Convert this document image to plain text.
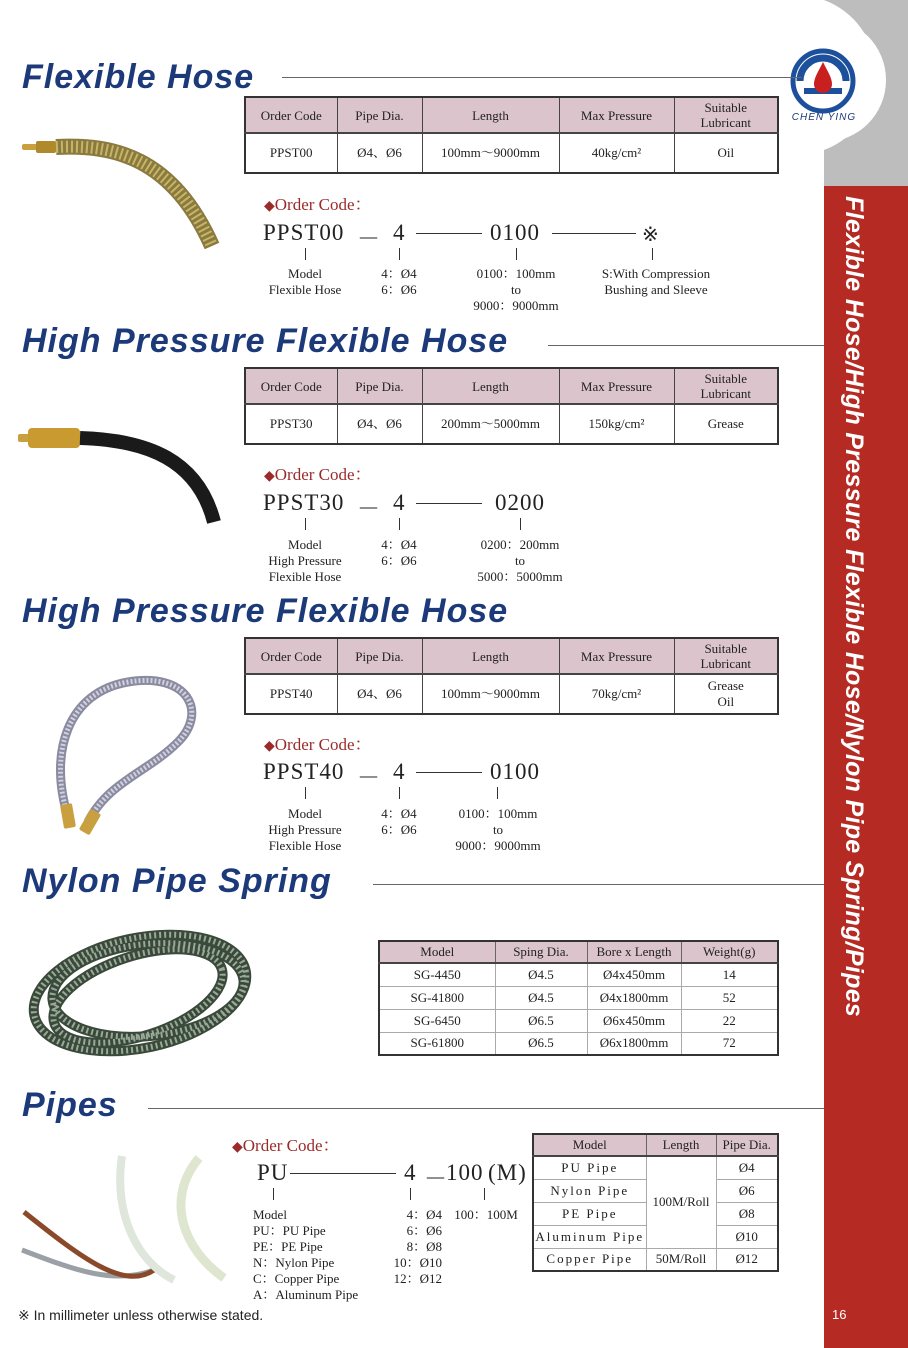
Flexible Hose/High Pressure Flexible Hose/Nylon Pipe Spring/Pipes
CHEN YING
Flexible Hose
Order Code	Pipe Dia.	Length	Max Pressure	Suitable
Lubricant
PPST00	Ø4、Ø6	100mm～9000mm	40kg/cm²	Oil
◆Order Code：
PPST00 － 4	0100	※
Model
Flexible Hose
4：Ø4
6：Ø6
0100：100mm
to
9000：9000mm
S:With Compression
Bushing and Sleeve
High Pressure Flexible Hose
Order Code	Pipe Dia.	Length	Max Pressure	Suitable
Lubricant
PPST30	Ø4、Ø6	200mm～5000mm	150kg/cm²	Grease
◆Order Code：
PPST30 － 4	0200
Model
High Pressure
Flexible Hose
4：Ø4
6：Ø6
0200：200mm
to
5000：5000mm
High Pressure Flexible Hose
Order Code	Pipe Dia.	Length	Max Pressure	Suitable
Lubricant
PPST40	Ø4、Ø6	100mm～9000mm	70kg/cm²	Grease
Oil
◆Order Code：
PPST40 － 4	0100
Model
High Pressure
Flexible Hose
4：Ø4
6：Ø6
0100：100mm
to
9000：9000mm
Nylon Pipe Spring
Model	Sping Dia.	Bore x Length	Weight(g)
SG-4450	Ø4.5	Ø4x450mm	14
SG-41800	Ø4.5	Ø4x1800mm	52
SG-6450	Ø6.5	Ø6x450mm	22
SG-61800	Ø6.5	Ø6x1800mm	72
Pipes
◆Order Code：
PU	4 －
100 (M)
Model
PU：PU Pipe
PE：PE Pipe
N：Nylon Pipe
C：Copper Pipe
A：Aluminum Pipe
4：Ø4
6：Ø6
8：Ø8
10：Ø10
12：Ø12
100：100M
Model	Length	Pipe Dia.
PU Pipe	100M/Roll	Ø4
Nylon Pipe		Ø6
PE Pipe		Ø8
Aluminum Pipe		Ø10
Copper Pipe	50M/Roll	Ø12
※ In millimeter unless otherwise stated.	16
